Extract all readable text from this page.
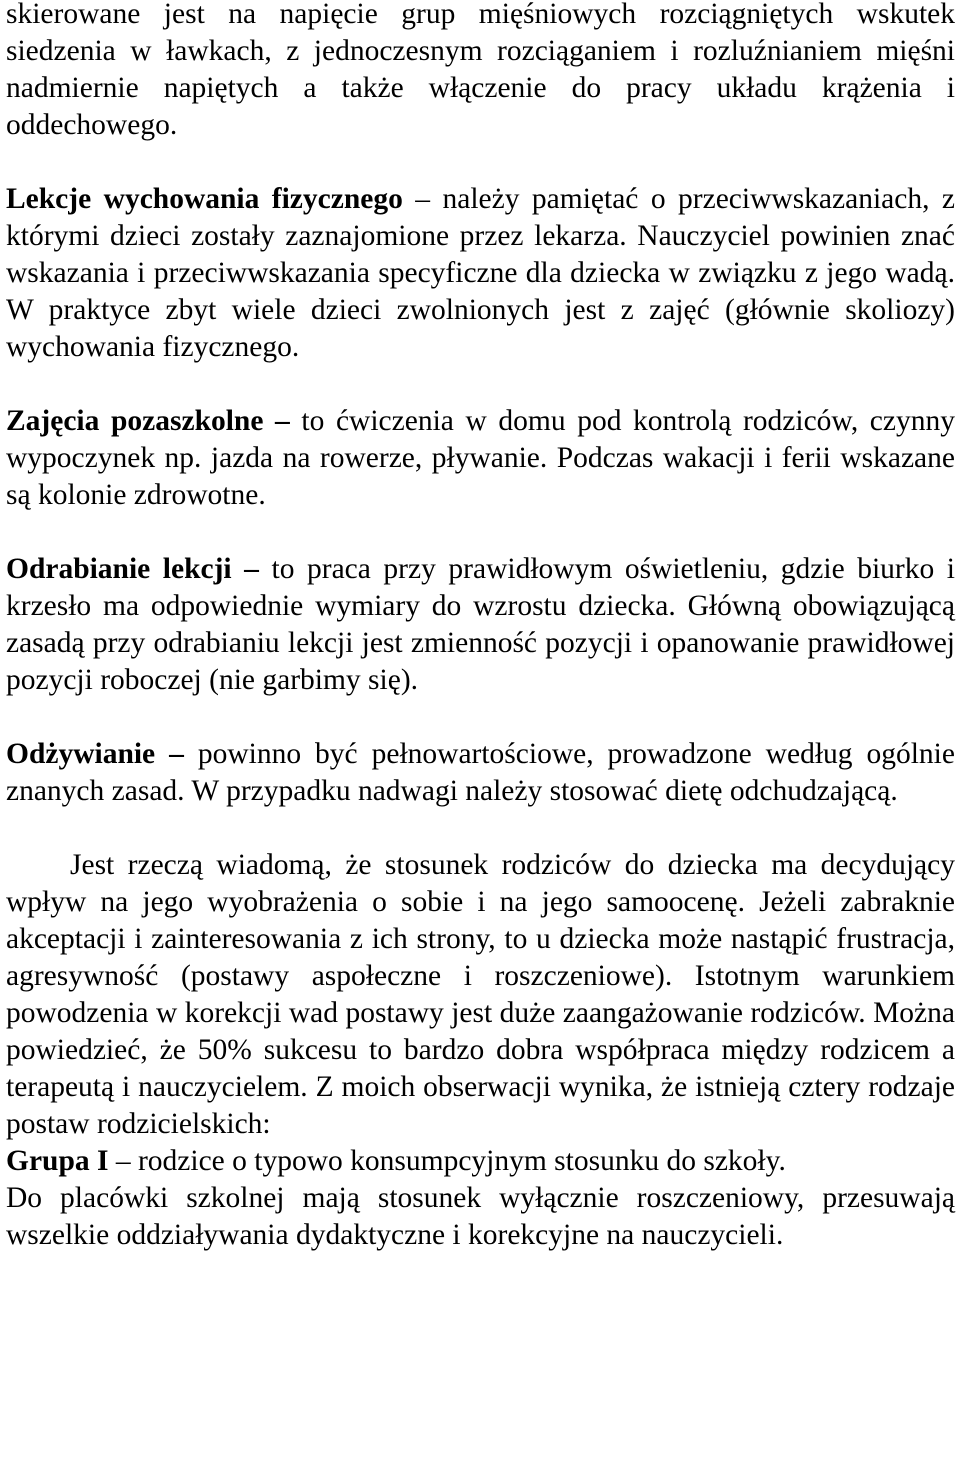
skierowane jest na napięcie grup mięśniowych rozciągniętych wskutek siedzenia w ławkach, z jednoczesnym rozciąganiem i rozluźnianiem mięśni nadmiernie napiętych a także włączenie do pracy układu krążenia i oddechowego.

Lekcje wychowania fizycznego – należy pamiętać o przeciwwskazaniach, z którymi dzieci zostały zaznajomione przez lekarza. Nauczyciel powinien znać wskazania i przeciwwskazania specyficzne dla dziecka w związku z jego wadą. W praktyce zbyt wiele dzieci zwolnionych jest z zajęć (głównie skoliozy) wychowania fizycznego.

Zajęcia pozaszkolne – to ćwiczenia w domu pod kontrolą rodziców, czynny wypoczynek np. jazda na rowerze, pływanie. Podczas wakacji i ferii wskazane są kolonie zdrowotne.

Odrabianie lekcji – to praca przy prawidłowym oświetleniu, gdzie biurko i krzesło ma odpowiednie wymiary do wzrostu dziecka. Główną obowiązującą zasadą przy odrabianiu lekcji jest zmienność pozycji i opanowanie prawidłowej pozycji roboczej (nie garbimy się).

Odżywianie – powinno być pełnowartościowe, prowadzone według ogólnie znanych zasad. W przypadku nadwagi należy stosować dietę odchudzającą.

Jest rzeczą wiadomą, że stosunek rodziców do dziecka ma decydujący wpływ na jego wyobrażenia o sobie i na jego samoocenę. Jeżeli zabraknie akceptacji i zainteresowania z ich strony, to u dziecka może nastąpić frustracja, agresywność (postawy aspołeczne i roszczeniowe). Istotnym warunkiem powodzenia w korekcji wad postawy jest duże zaangażowanie rodziców. Można powiedzieć, że 50% sukcesu to bardzo dobra współpraca między rodzicem a terapeutą i nauczycielem. Z moich obserwacji wynika, że istnieją cztery rodzaje postaw rodzicielskich:

Grupa I – rodzice o typowo konsumpcyjnym stosunku do szkoły.

Do placówki szkolnej mają stosunek wyłącznie roszczeniowy, przesuwają wszelkie oddziaływania dydaktyczne i korekcyjne na nauczycieli.
